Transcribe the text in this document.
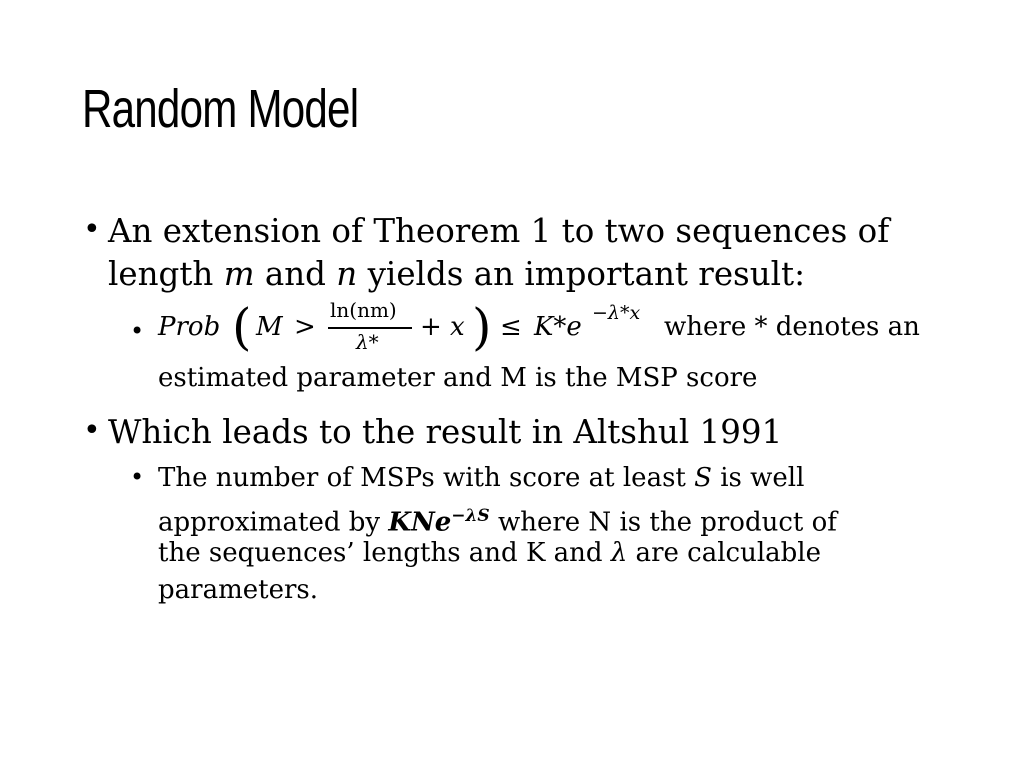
Random Model
• An extension of Theorem 1 to two sequences of
length m and n yields an important result:
• Prob ( M >
ln(nm)
λ* + x ) ≤ K*e −λ*x where * denotes an
estimated parameter and M is the MSP score
• Which leads to the result in Altshul 1991
• The number of MSPs with score at least S is well
approximated by KNe$^{-\lambda S}$ where N is the product of
the sequences’ lengths and K and λ are calculable
parameters.
